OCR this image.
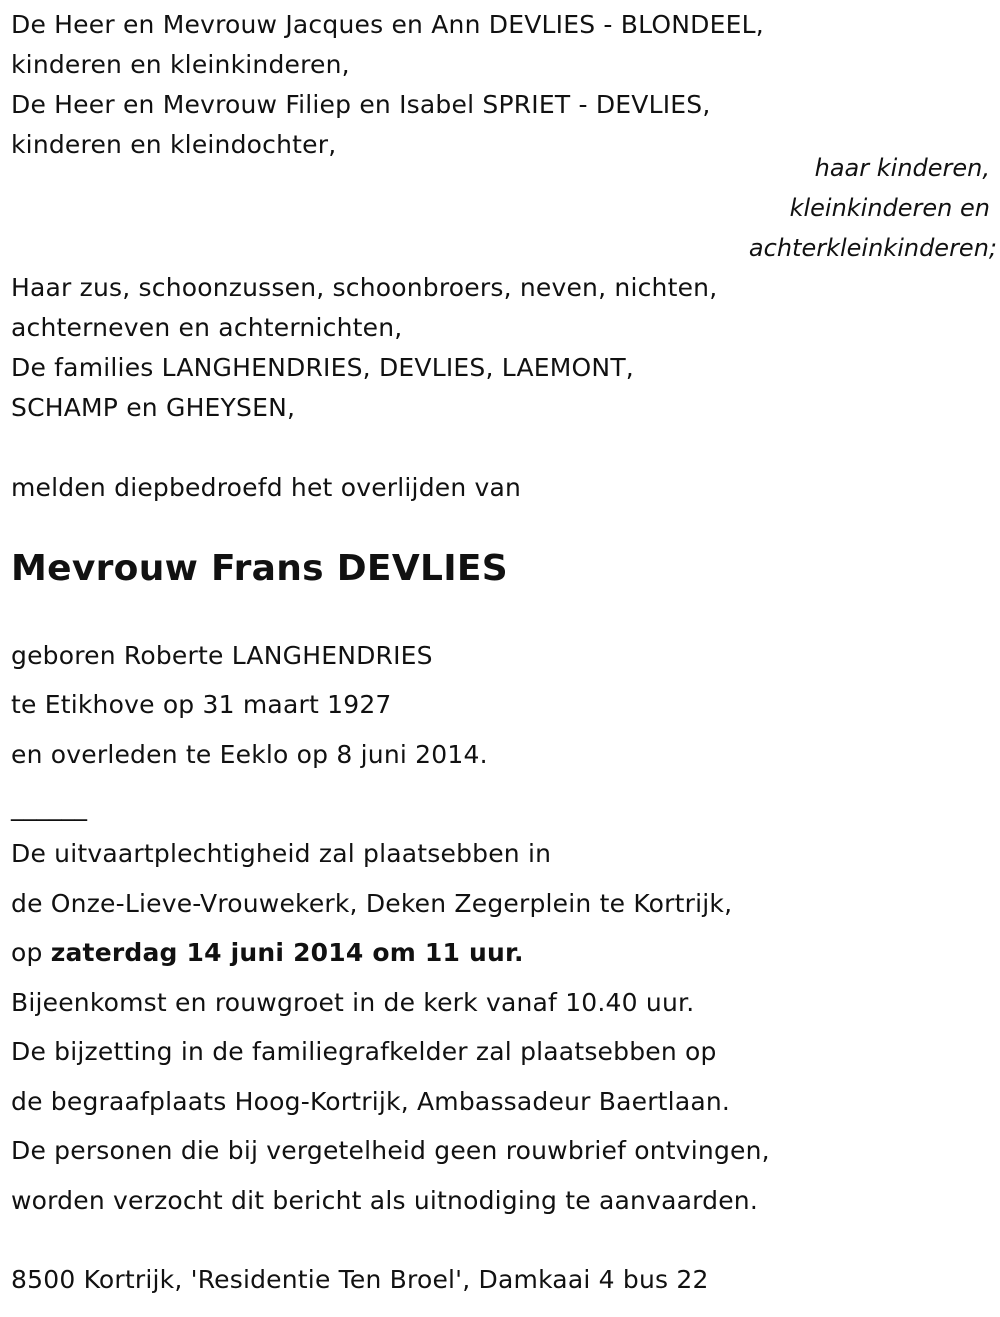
De Heer en Mevrouw Jacques en Ann DEVLIES - BLONDEEL,
kinderen en kleinkinderen,
De Heer en Mevrouw Filiep en Isabel SPRIET - DEVLIES,
kinderen en kleindochter,
haar kinderen,
kleinkinderen en
achterkleinkinderen;
Haar zus, schoonzussen, schoonbroers, neven, nichten,
achterneven en achternichten,
De families LANGHENDRIES, DEVLIES, LAEMONT,
SCHAMP en GHEYSEN,
melden diepbedroefd het overlijden van
Mevrouw Frans DEVLIES
geboren Roberte LANGHENDRIES
te Etikhove op 31 maart 1927
en overleden te Eeklo op 8 juni 2014.
______
De uitvaartplechtigheid zal plaatsebben in
de Onze-Lieve-Vrouwekerk, Deken Zegerplein te Kortrijk,
op zaterdag 14 juni 2014 om 11 uur.
Bijeenkomst en rouwgroet in de kerk vanaf 10.40 uur.
De bijzetting in de familiegrafkelder zal plaatsebben op
de begraafplaats Hoog-Kortrijk, Ambassadeur Baertlaan.
De personen die bij vergetelheid geen rouwbrief ontvingen,
worden verzocht dit bericht als uitnodiging te aanvaarden.
8500 Kortrijk, 'Residentie Ten Broel', Damkaai 4 bus 22
